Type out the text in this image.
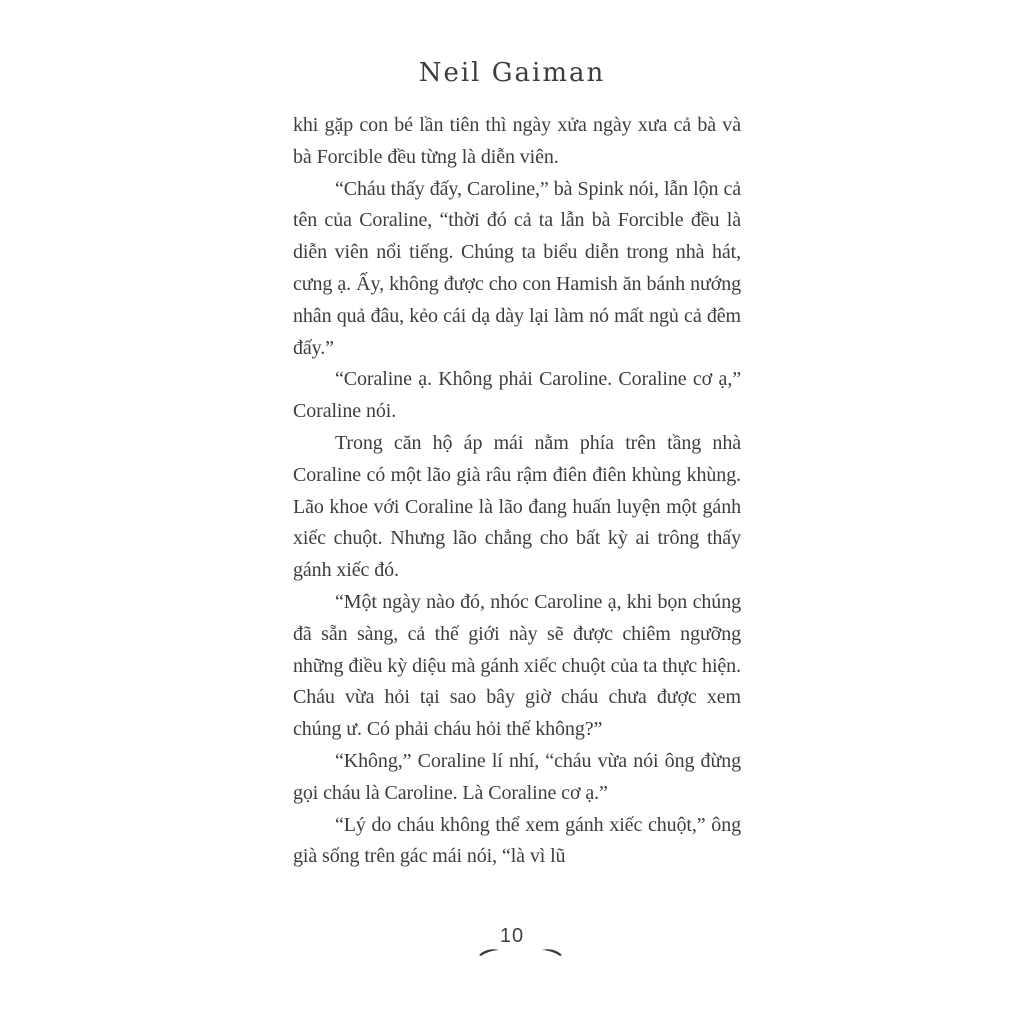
Neil Gaiman

khi gặp con bé lần tiên thì ngày xửa ngày xưa cả bà và bà Forcible đều từng là diễn viên.

“Cháu thấy đấy, Caroline,” bà Spink nói, lẫn lộn cả tên của Coraline, “thời đó cả ta lẫn bà Forcible đều là diễn viên nổi tiếng. Chúng ta biểu diễn trong nhà hát, cưng ạ. Ấy, không được cho con Hamish ăn bánh nướng nhân quả đâu, kẻo cái dạ dày lại làm nó mất ngủ cả đêm đấy.”

“Coraline ạ. Không phải Caroline. Coraline cơ ạ,” Coraline nói.

Trong căn hộ áp mái nằm phía trên tầng nhà Coraline có một lão già râu rậm điên điên khùng khùng. Lão khoe với Coraline là lão đang huấn luyện một gánh xiếc chuột. Nhưng lão chẳng cho bất kỳ ai trông thấy gánh xiếc đó.

“Một ngày nào đó, nhóc Caroline ạ, khi bọn chúng đã sẵn sàng, cả thế giới này sẽ được chiêm ngưỡng những điều kỳ diệu mà gánh xiếc chuột của ta thực hiện. Cháu vừa hỏi tại sao bây giờ cháu chưa được xem chúng ư. Có phải cháu hỏi thế không?”

“Không,” Coraline lí nhí, “cháu vừa nói ông đừng gọi cháu là Caroline. Là Coraline cơ ạ.”

“Lý do cháu không thể xem gánh xiếc chuột,” ông già sống trên gác mái nói, “là vì lũ

10
